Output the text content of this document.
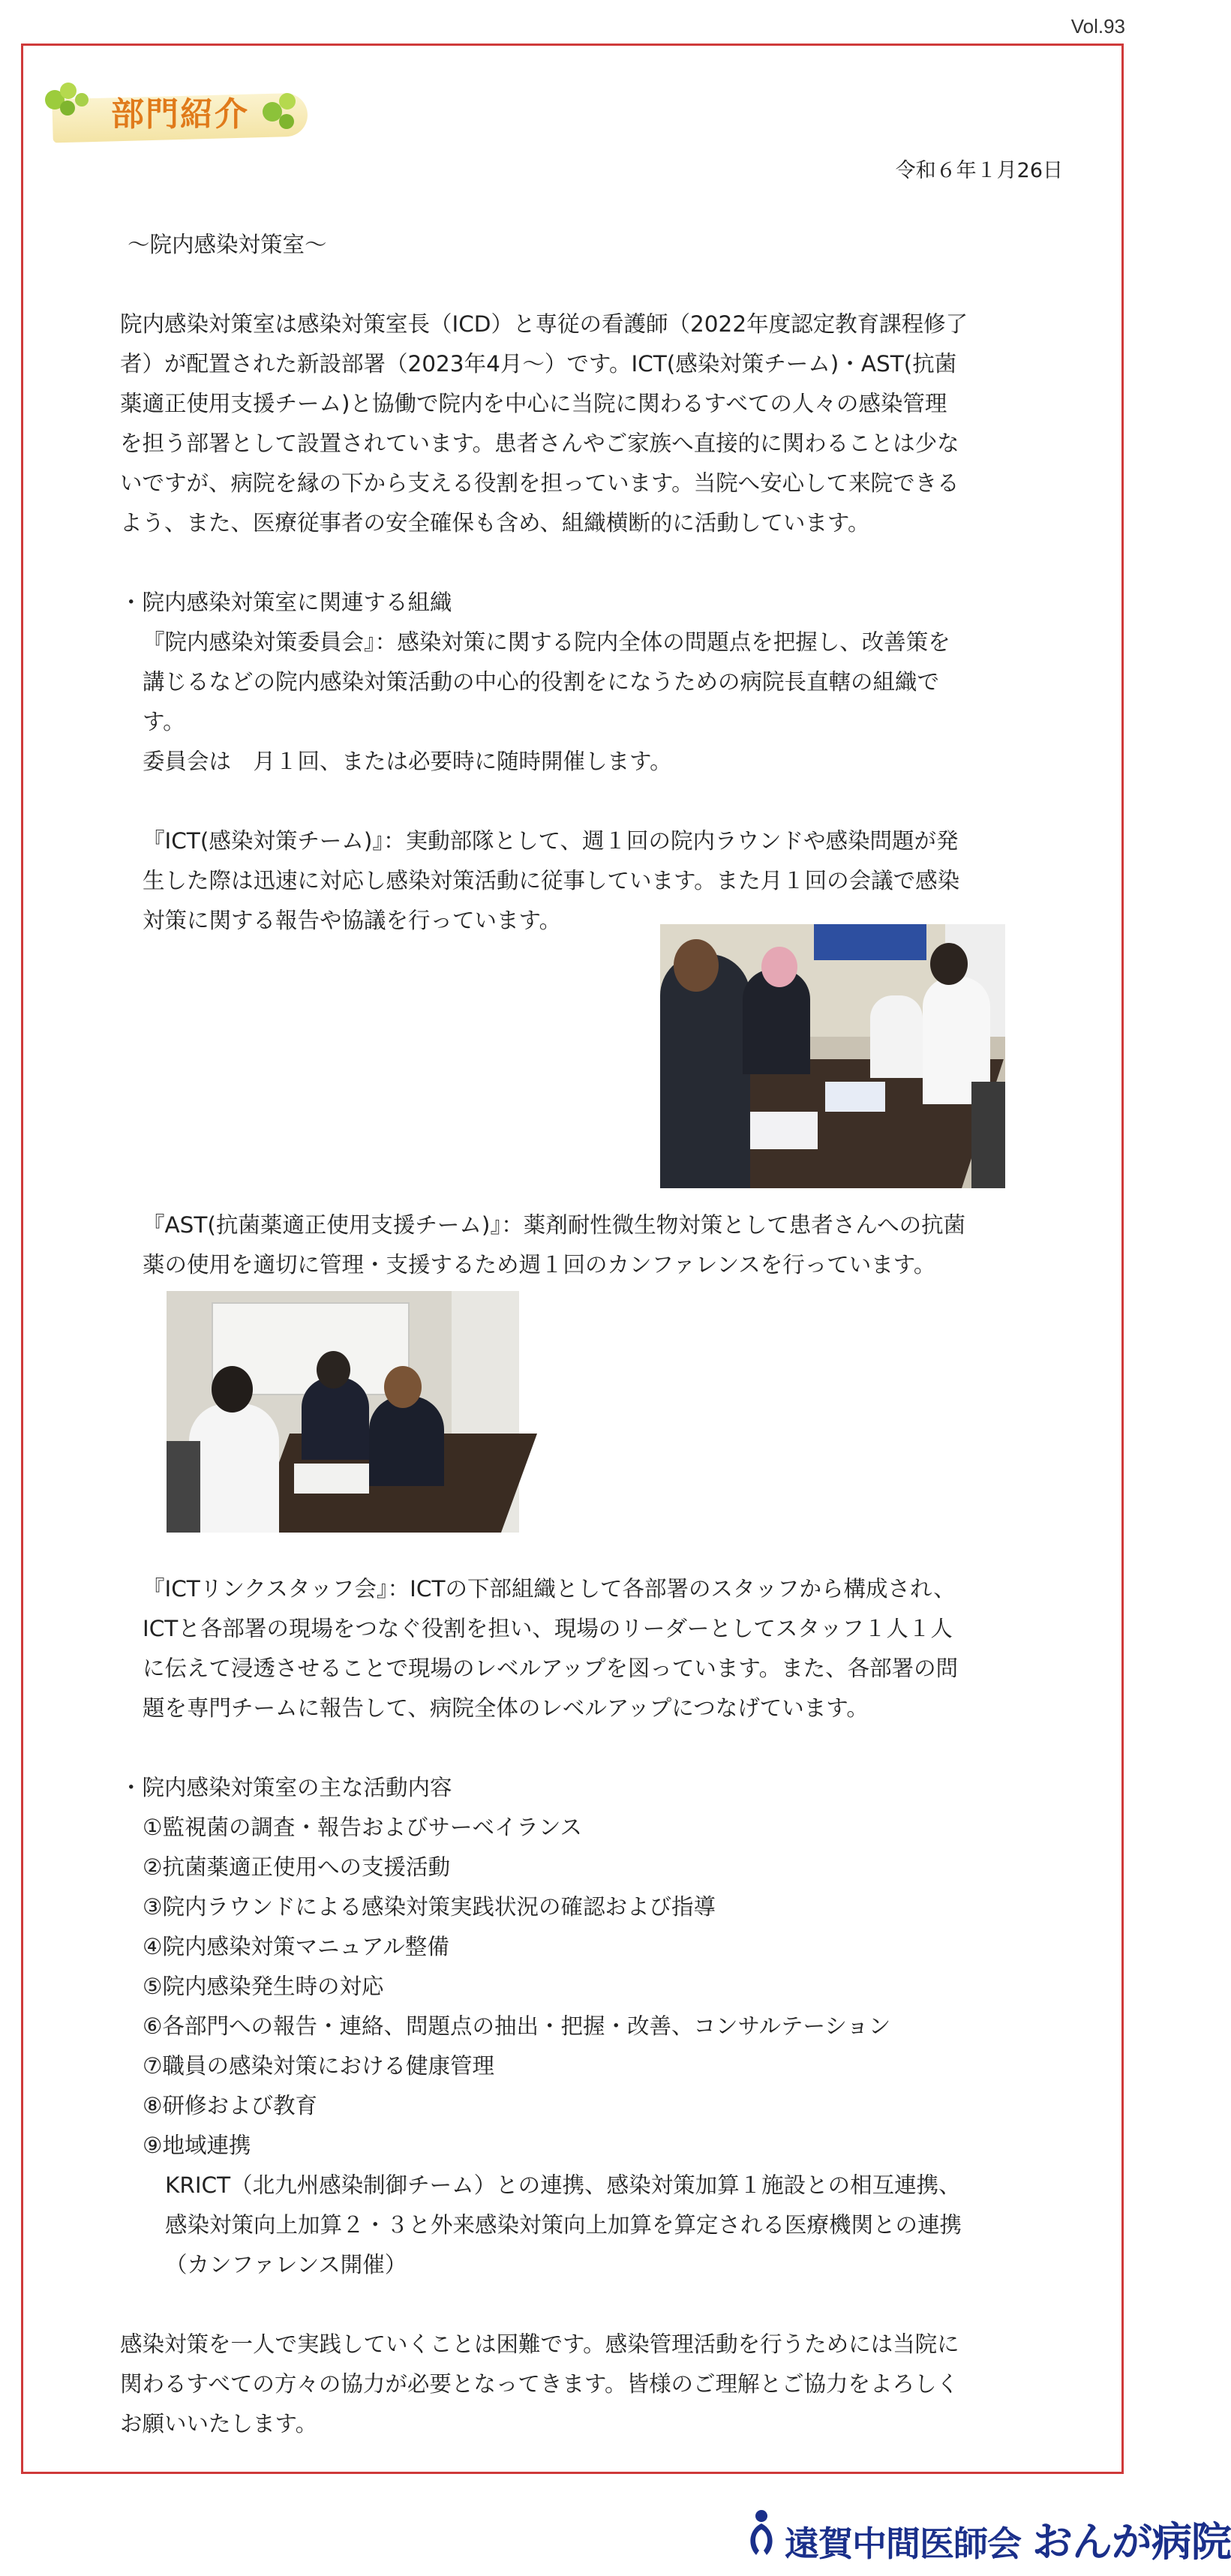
Vol.93
部門紹介
令和６年１月26日

～院内感染対策室～

院内感染対策室は感染対策室長（ICD）と専従の看護師（2022年度認定教育課程修了

者）が配置された新設部署（2023年4月～）です。ICT(感染対策チーム)・AST(抗菌

薬適正使用支援チーム)と協働で院内を中心に当院に関わるすべての人々の感染管理

を担う部署として設置されています。患者さんやご家族へ直接的に関わることは少な

いですが、病院を縁の下から支える役割を担っています。当院へ安心して来院できる

よう、また、医療従事者の安全確保も含め、組織横断的に活動しています。

・院内感染対策室に関連する組織

『院内感染対策委員会』：感染対策に関する院内全体の問題点を把握し、改善策を

講じるなどの院内感染対策活動の中心的役割をになうための病院長直轄の組織で

す。

委員会は　月１回、または必要時に随時開催します。

『ICT(感染対策チーム)』：実動部隊として、週１回の院内ラウンドや感染問題が発

生した際は迅速に対応し感染対策活動に従事しています。また月１回の会議で感染

対策に関する報告や協議を行っています。

『AST(抗菌薬適正使用支援チーム)』：薬剤耐性微生物対策として患者さんへの抗菌

薬の使用を適切に管理・支援するため週１回のカンファレンスを行っています。

『ICTリンクスタッフ会』：ICTの下部組織として各部署のスタッフから構成され、

ICTと各部署の現場をつなぐ役割を担い、現場のリーダーとしてスタッフ１人１人

に伝えて浸透させることで現場のレベルアップを図っています。また、各部署の問

題を専門チームに報告して、病院全体のレベルアップにつなげています。

・院内感染対策室の主な活動内容

①監視菌の調査・報告およびサーベイランス

②抗菌薬適正使用への支援活動

③院内ラウンドによる感染対策実践状況の確認および指導

④院内感染対策マニュアル整備

⑤院内感染発生時の対応

⑥各部門への報告・連絡、問題点の抽出・把握・改善、コンサルテーション

⑦職員の感染対策における健康管理

⑧研修および教育

⑨地域連携

KRICT（北九州感染制御チーム）との連携、感染対策加算１施設との相互連携、

感染対策向上加算２・３と外来感染対策向上加算を算定される医療機関との連携

（カンファレンス開催）

感染対策を一人で実践していくことは困難です。感染管理活動を行うためには当院に

関わるすべての方々の協力が必要となってきます。皆様のご理解とご協力をよろしく

お願いいたします。

遠賀中間医師会 おんが病院
